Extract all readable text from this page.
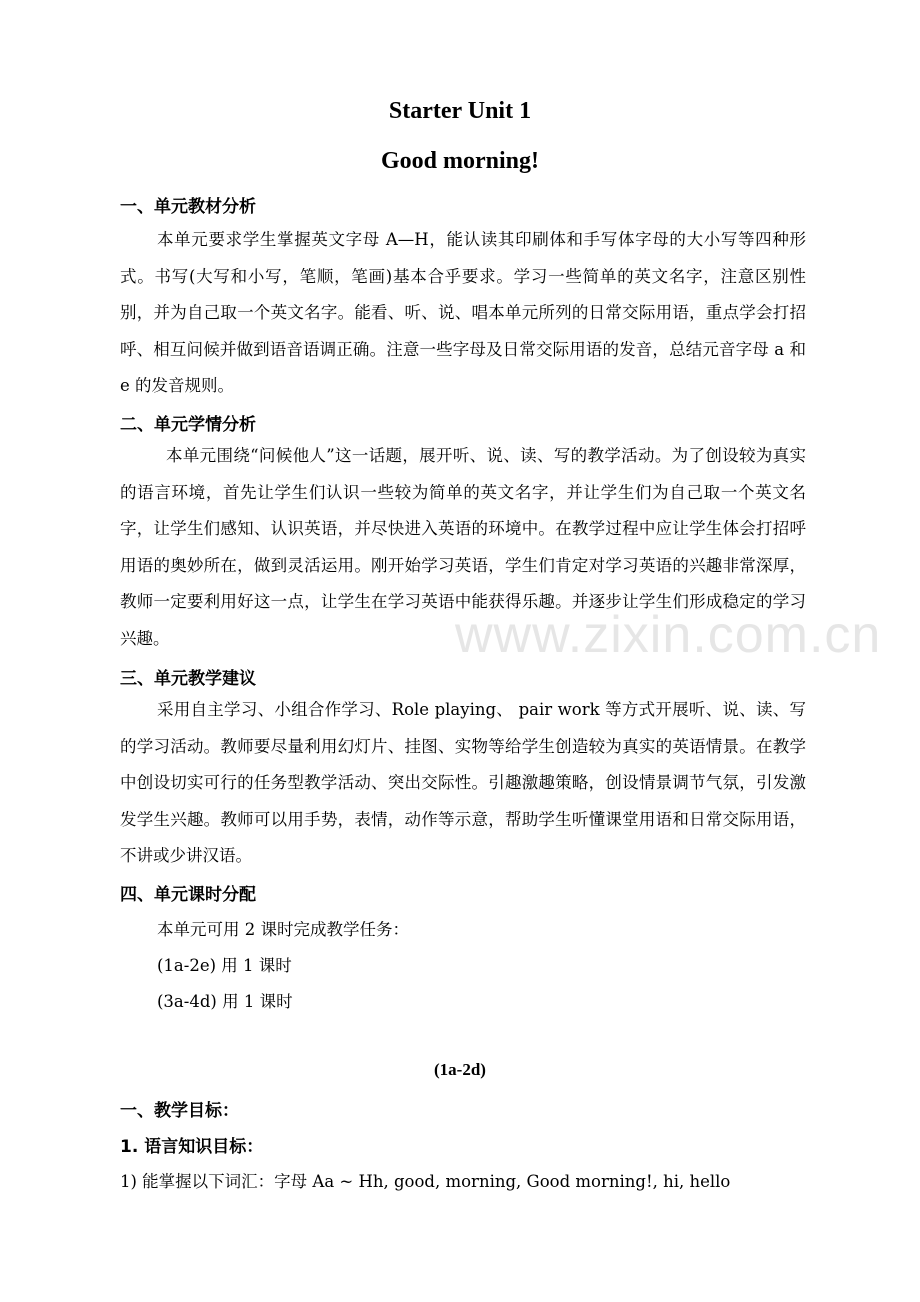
Starter Unit 1
Good morning!
一、单元教材分析

本单元要求学生掌握英文字母 A—H，能认读其印刷体和手写体字母的大小写等四种形式。书写(大写和小写，笔顺，笔画)基本合乎要求。学习一些简单的英文名字，注意区别性别，并为自己取一个英文名字。能看、听、说、唱本单元所列的日常交际用语，重点学会打招呼、相互问候并做到语音语调正确。注意一些字母及日常交际用语的发音，总结元音字母 a 和 e 的发音规则。

二、单元学情分析

本单元围绕“问候他人”这一话题，展开听、说、读、写的教学活动。为了创设较为真实的语言环境，首先让学生们认识一些较为简单的英文名字，并让学生们为自己取一个英文名字，让学生们感知、认识英语，并尽快进入英语的环境中。在教学过程中应让学生体会打招呼用语的奥妙所在，做到灵活运用。刚开始学习英语，学生们肯定对学习英语的兴趣非常深厚，教师一定要利用好这一点，让学生在学习英语中能获得乐趣。并逐步让学生们形成稳定的学习兴趣。

三、单元教学建议

采用自主学习、小组合作学习、Role playing、 pair work 等方式开展听、说、读、写的学习活动。教师要尽量利用幻灯片、挂图、实物等给学生创造较为真实的英语情景。在教学中创设切实可行的任务型教学活动、突出交际性。引趣激趣策略，创设情景调节气氛，引发激发学生兴趣。教师可以用手势，表情，动作等示意，帮助学生听懂课堂用语和日常交际用语，不讲或少讲汉语。

四、单元课时分配
本单元可用 2 课时完成教学任务：
(1a-2e) 用 1 课时
(3a-4d) 用 1 课时
(1a-2d)
一、教学目标：
1. 语言知识目标：
1) 能掌握以下词汇：字母 Aa ~ Hh, good, morning, Good morning!, hi, hello
www.zixin.com.cn
